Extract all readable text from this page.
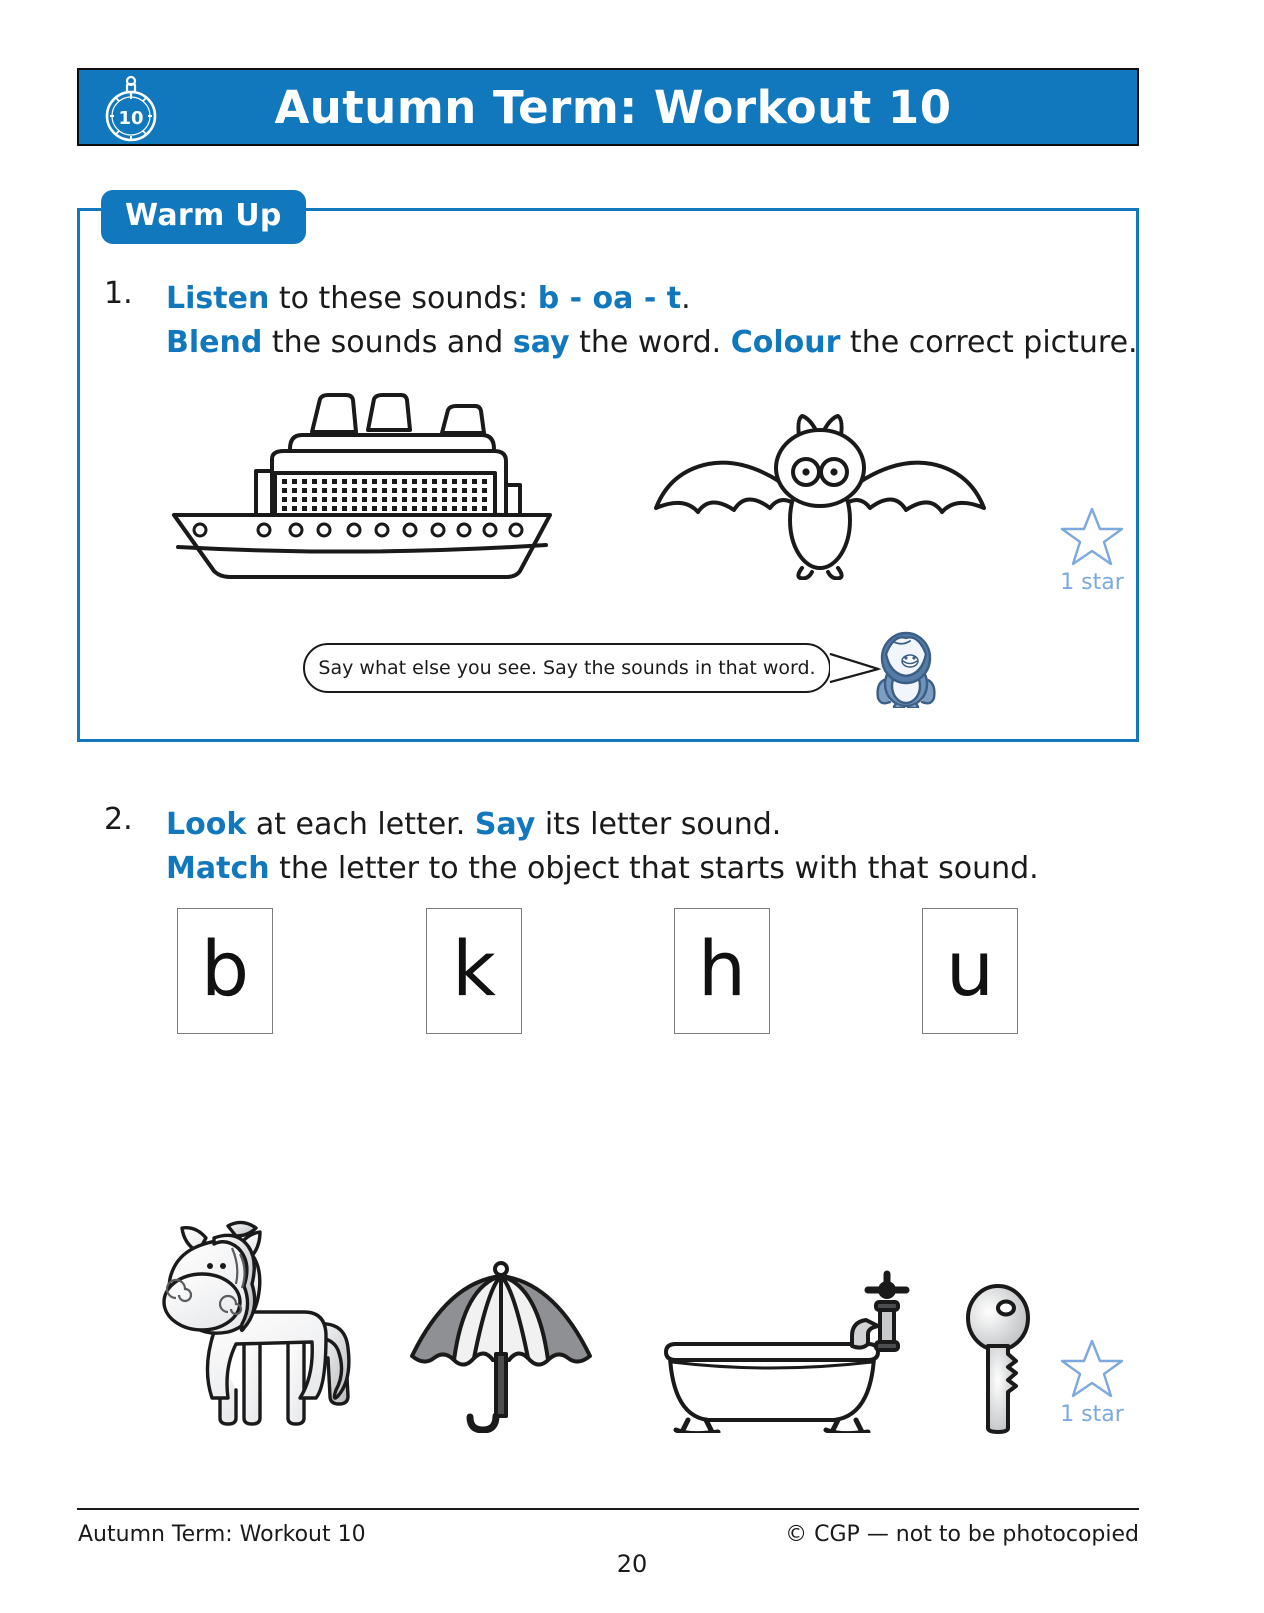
10	Autumn Term: Workout 10
Warm Up
1. Listen to these sounds: b - oa - t.
Blend the sounds and say the word. Colour the correct picture.
Say what else you see. Say the sounds in that word.
1 star
2. Look at each letter. Say its letter sound.
Match the letter to the object that starts with that sound.
b	k	h	u
1 star
Autumn Term: Workout 10
20
© CGP — not to be photocopied
